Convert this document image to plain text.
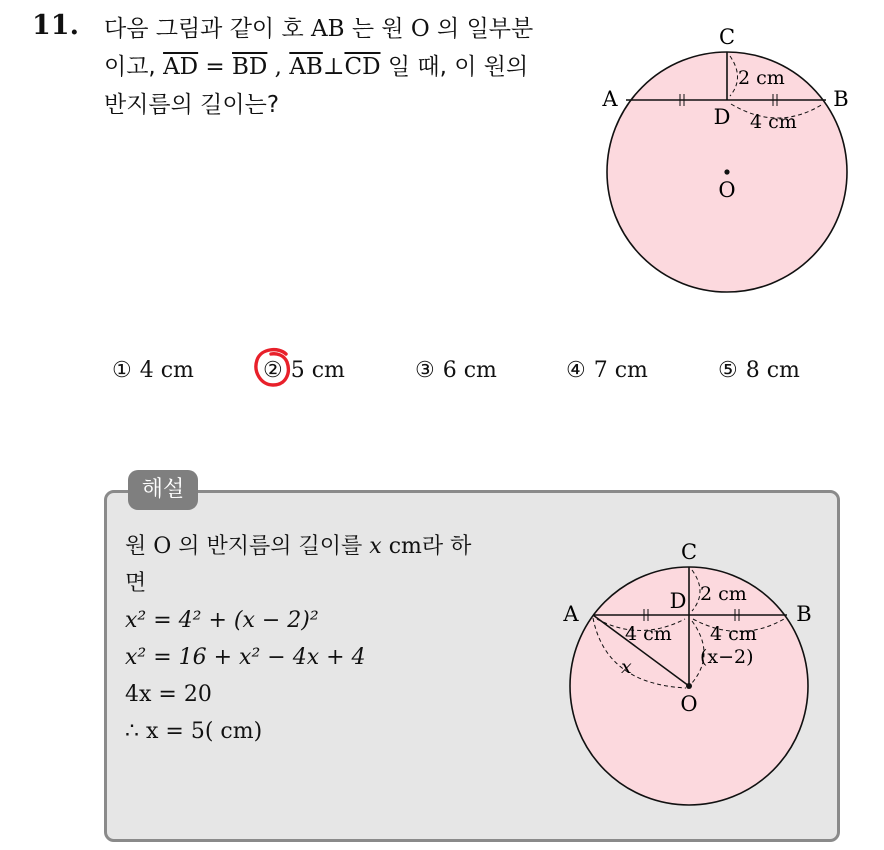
11. 다음 그림과 같이 호 AB 는 원 O 의 일부분
이고, $\overline{AD} = \overline{BD}$ , $\overline{AB}\perp\overline{CD}$ 일 때, 이 원의
반지름의 길이는?
C
A	B
D
O
2 cm
4 cm
① 4 cm	② 5 cm	③ 6 cm	④ 7 cm	⑤ 8 cm
해설
원 O 의 반지름의 길이를 x cm라 하
면
x² = 4² + (x − 2)²
x² = 16 + x² − 4x + 4
4x = 20
∴ x = 5( cm)
C
A	B
D
O
2 cm
4 cm 4 cm
(x−2)
x
